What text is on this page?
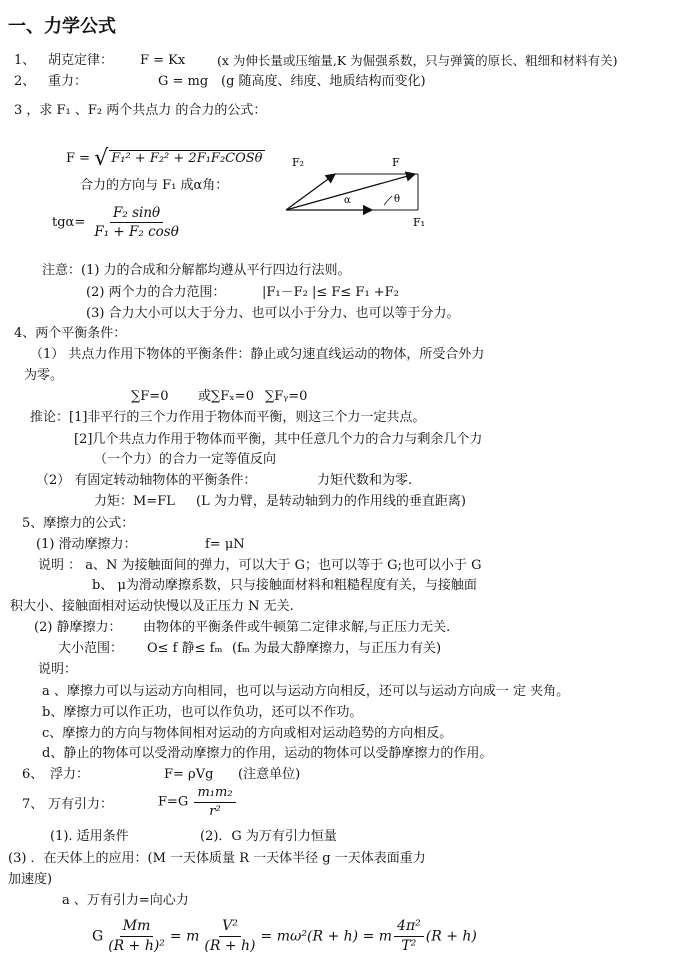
一、力学公式
1、 胡克定律： F = Kx	(x 为伸长量或压缩量,K 为倔强系数，只与弹簧的原长、粗细和材料有关)
2、 重力：	G = mg (g 随高度、纬度、地质结构而变化)
3 ，求 F₁ 、F₂ 两个共点力 的合力的公式：
F = √ F₁² + F₂² + 2F₁F₂COSθ
合力的方向与 F₁ 成α角：
$tg\alpha= \frac{\text{F₂ sinθ}}{\text{F₁ + F₂ cosθ}}$
F₂	F
α	θ
F₁
注意：(1) 力的合成和分解都均遵从平行四边行法则。
(2) 两个力的合力范围：	|F₁－F₂ |≤ F≤ F₁ +F₂
(3) 合力大小可以大于分力、也可以小于分力、也可以等于分力。
4、两个平衡条件：
（1） 共点力作用下物体的平衡条件：静止或匀速直线运动的物体，所受合外力
为零。
∑F=0 或∑Fₓ=0 ∑Fᵧ=0
推论：[1]非平行的三个力作用于物体而平衡，则这三个力一定共点。
[2]几个共点力作用于物体而平衡，其中任意几个力的合力与剩余几个力
（一个力）的合力一定等值反向
（2） 有固定转动轴物体的平衡条件：	力矩代数和为零.
力矩：M=FL (L 为力臂，是转动轴到力的作用线的垂直距离)
5、摩擦力的公式：
(1) 滑动摩擦力：	f= μN
说明 ： a、N 为接触面间的弹力，可以大于 G；也可以等于 G;也可以小于 G
b、 μ为滑动摩擦系数，只与接触面材料和粗糙程度有关，与接触面
积大小、接触面相对运动快慢以及正压力 N 无关.
(2) 静摩擦力： 由物体的平衡条件或牛顿第二定律求解,与正压力无关.
大小范围： O≤ f 静≤ fₘ (fₘ 为最大静摩擦力，与正压力有关)
说明：
a 、摩擦力可以与运动方向相同，也可以与运动方向相反，还可以与运动方向成一 定 夹角。
b、摩擦力可以作正功，也可以作负功，还可以不作功。
c、摩擦力的方向与物体间相对运动的方向或相对运动趋势的方向相反。
d、静止的物体可以受滑动摩擦力的作用，运动的物体可以受静摩擦力的作用。
6、 浮力：	F= ρVg (注意单位)
7、 万有引力：	$F=G \frac{\text{m₁m₂}}{\text{r²}}$
(1). 适用条件	(2)．G 为万有引力恒量
(3) ．在天体上的应用：(M 一天体质量 R 一天体半径 g 一天体表面重力
加速度)
a 、万有引力=向心力
G $\frac{Mm}{\text{(R + h)²}} = m \frac{\text{V²}}{(R + h)} = m\omega^2(R + h) = m \frac{\text{4π²}}{\text{T²}} (R + h)$
